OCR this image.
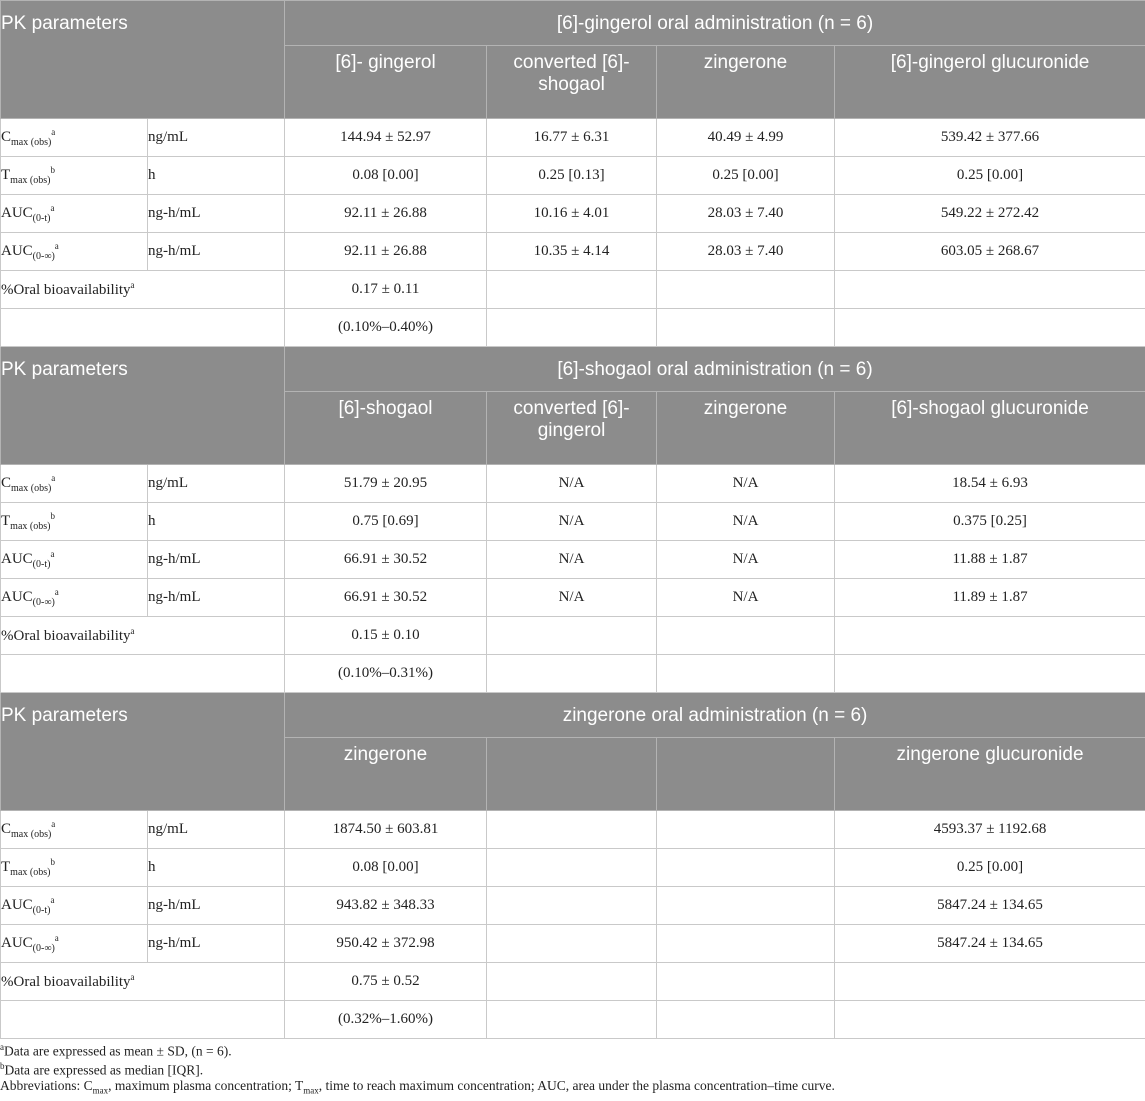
PK parameters		[6]-gingerol oral administration (n = 6)			
		[6]- gingerol	converted [6]-shogaol	zingerone	[6]-gingerol glucuronide
$C_{max (obs)}^a$	ng/mL	144.94 ± 52.97	16.77 ± 6.31	40.49 ± 4.99	539.42 ± 377.66
$T_{max (obs)}^b$	h	0.08 [0.00]	0.25 [0.13]	0.25 [0.00]	0.25 [0.00]
$AUC_{(0-t)}^a$	ng-h/mL	92.11 ± 26.88	10.16 ± 4.01	28.03 ± 7.40	549.22 ± 272.42
$AUC_{(0-\infty)}^a$	ng-h/mL	92.11 ± 26.88	10.35 ± 4.14	28.03 ± 7.40	603.05 ± 268.67
%Oral bioavailability$^a$		0.17 ± 0.11			
		(0.10%–0.40%)			
PK parameters		[6]-shogaol oral administration (n = 6)			
		[6]-shogaol	converted [6]-gingerol	zingerone	[6]-shogaol glucuronide
$C_{max (obs)}^a$	ng/mL	51.79 ± 20.95	N/A	N/A	18.54 ± 6.93
$T_{max (obs)}^b$	h	0.75 [0.69]	N/A	N/A	0.375 [0.25]
$AUC_{(0-t)}^a$	ng-h/mL	66.91 ± 30.52	N/A	N/A	11.88 ± 1.87
$AUC_{(0-\infty)}^a$	ng-h/mL	66.91 ± 30.52	N/A	N/A	11.89 ± 1.87
%Oral bioavailability$^a$		0.15 ± 0.10			
		(0.10%–0.31%)			
PK parameters		zingerone oral administration (n = 6)			
		zingerone			zingerone glucuronide
$C_{max (obs)}^a$	ng/mL	1874.50 ± 603.81			4593.37 ± 1192.68
$T_{max (obs)}^b$	h	0.08 [0.00]			0.25 [0.00]
$AUC_{(0-t)}^a$	ng-h/mL	943.82 ± 348.33			5847.24 ± 134.65
$AUC_{(0-\infty)}^a$	ng-h/mL	950.42 ± 372.98			5847.24 ± 134.65
%Oral bioavailability$^a$		0.75 ± 0.52			
		(0.32%–1.60%)			
$^a$Data are expressed as mean ± SD, (n = 6).
$^b$Data are expressed as median [IQR].
Abbreviations: $C_{max}$, maximum plasma concentration; $T_{max}$, time to reach maximum concentration; AUC, area under the plasma concentration–time curve.
